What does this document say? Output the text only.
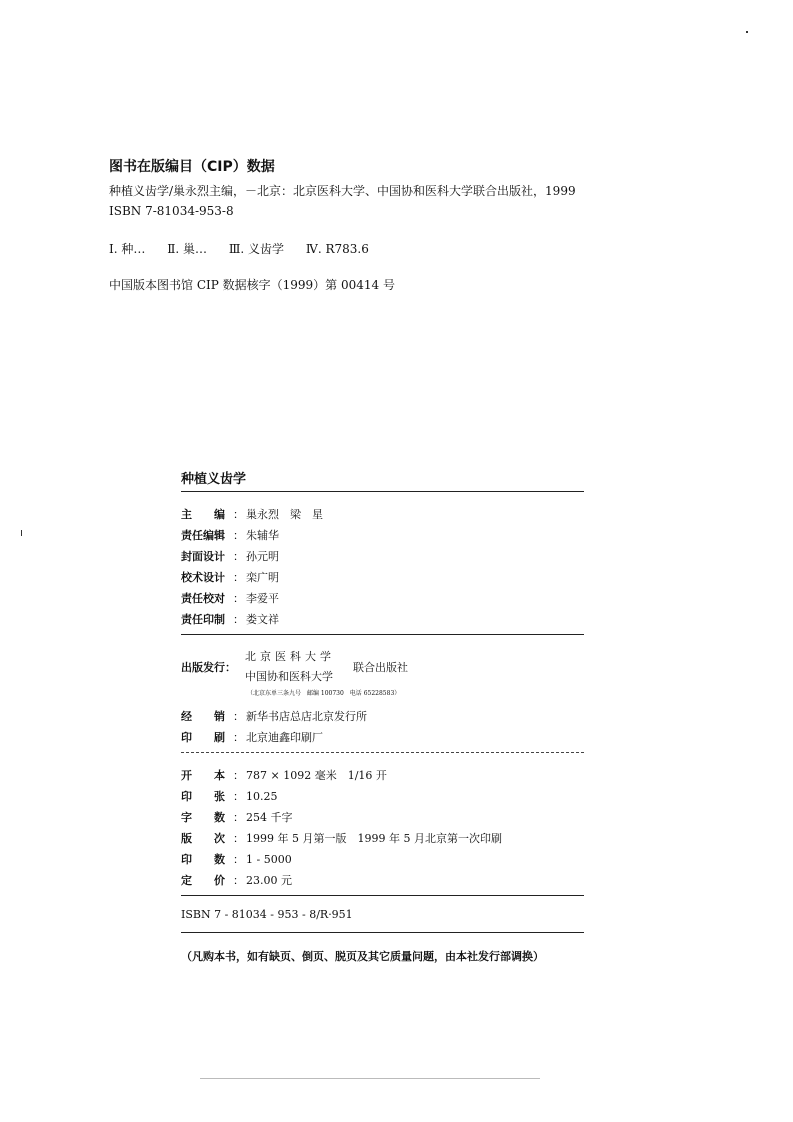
图书在版编目（CIP）数据
种植义齿学/巢永烈主编，－北京：北京医科大学、中国协和医科大学联合出版社，1999
ISBN 7-81034-953-8
Ⅰ. 种… Ⅱ. 巢… Ⅲ. 义齿学 Ⅳ. R783.6
中国版本图书馆 CIP 数据核字（1999）第 00414 号
种植义齿学
主　　编 ： 巢永烈　梁　星
责任编辑 ： 朱辅华
封面设计 ： 孙元明
校术设计 ： 栾广明
责任校对 ： 李爱平
责任印制 ： 娄文祥
出版发行：
北京医科大学
中国协和医科大学
联合出版社
（北京东单三条九号　邮编 100730　电话 65228583）
经　　销 ： 新华书店总店北京发行所
印　　刷 ： 北京迪鑫印刷厂
开　　本 ： 787 × 1092 毫米　1/16 开
印　　张 ： 10.25
字　　数 ： 254 千字
版　　次 ： 1999 年 5 月第一版　1999 年 5 月北京第一次印刷
印　　数 ： 1 - 5000
定　　价 ： 23.00 元
ISBN 7 - 81034 - 953 - 8/R·951
（凡购本书，如有缺页、倒页、脱页及其它质量问题，由本社发行部调换）
